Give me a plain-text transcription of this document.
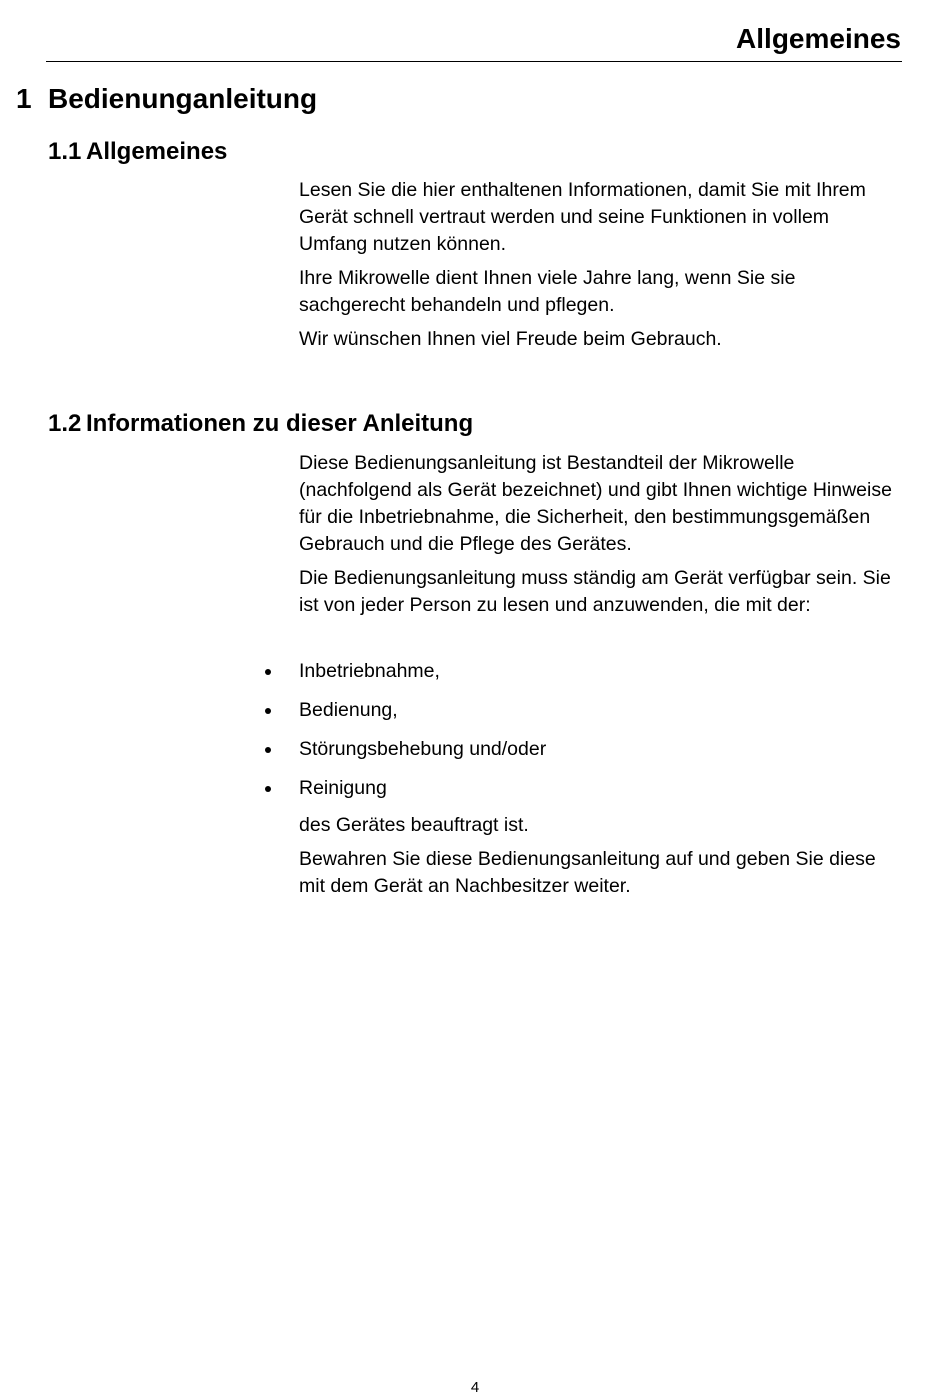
Allgemeines
1 Bedienunganleitung
1.1 Allgemeines

Lesen Sie die hier enthaltenen Informationen, damit Sie mit Ihrem Gerät schnell vertraut werden und seine Funktionen in vollem Umfang nutzen können.

Ihre Mikrowelle dient Ihnen viele Jahre lang, wenn Sie sie sachgerecht behandeln und pflegen.

Wir wünschen Ihnen viel Freude beim Gebrauch.

1.2 Informationen zu dieser Anleitung

Diese Bedienungsanleitung ist Bestandteil der Mikrowelle (nachfolgend als Gerät bezeichnet) und gibt Ihnen wichtige Hinweise für die Inbetriebnahme, die Sicherheit, den bestimmungsgemäßen Gebrauch und die Pflege des Gerätes.

Die Bedienungsanleitung muss ständig am Gerät verfügbar sein. Sie ist von jeder Person zu lesen und anzuwenden, die mit der:

Inbetriebnahme,
Bedienung,
Störungsbehebung und/oder
Reinigung

des Gerätes beauftragt ist.

Bewahren Sie diese Bedienungsanleitung auf und geben Sie diese mit dem Gerät an Nachbesitzer weiter.

4
